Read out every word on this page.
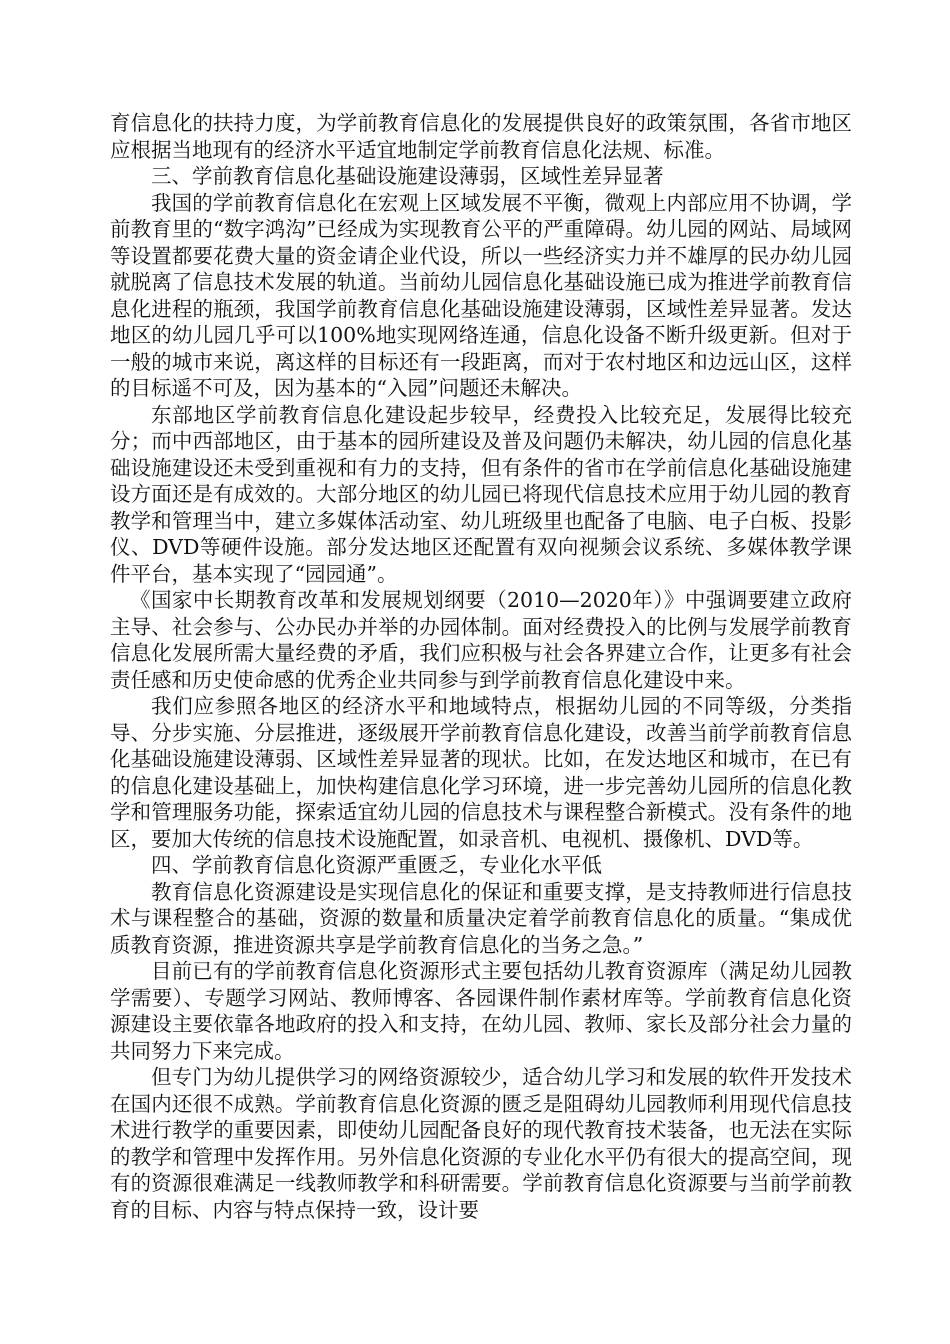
育信息化的扶持力度，为学前教育信息化的发展提供良好的政策氛围，各省市地区应根据当地现有的经济水平适宜地制定学前教育信息化法规、标准。

三、学前教育信息化基础设施建设薄弱，区域性差异显著

我国的学前教育信息化在宏观上区域发展不平衡，微观上内部应用不协调，学前教育里的“数字鸿沟”已经成为实现教育公平的严重障碍。幼儿园的网站、局域网等设置都要花费大量的资金请企业代设，所以一些经济实力并不雄厚的民办幼儿园就脱离了信息技术发展的轨道。当前幼儿园信息化基础设施已成为推进学前教育信息化进程的瓶颈，我国学前教育信息化基础设施建设薄弱，区域性差异显著。发达地区的幼儿园几乎可以100%地实现网络连通，信息化设备不断升级更新。但对于一般的城市来说，离这样的目标还有一段距离，而对于农村地区和边远山区，这样的目标遥不可及，因为基本的“入园”问题还未解决。

东部地区学前教育信息化建设起步较早，经费投入比较充足，发展得比较充分；而中西部地区，由于基本的园所建设及普及问题仍未解决，幼儿园的信息化基础设施建设还未受到重视和有力的支持，但有条件的省市在学前信息化基础设施建设方面还是有成效的。大部分地区的幼儿园已将现代信息技术应用于幼儿园的教育教学和管理当中，建立多媒体活动室、幼儿班级里也配备了电脑、电子白板、投影仪、DVD等硬件设施。部分发达地区还配置有双向视频会议系统、多媒体教学课件平台，基本实现了“园园通”。

《国家中长期教育改革和发展规划纲要（2010—2020年）》中强调要建立政府主导、社会参与、公办民办并举的办园体制。面对经费投入的比例与发展学前教育信息化发展所需大量经费的矛盾，我们应积极与社会各界建立合作，让更多有社会责任感和历史使命感的优秀企业共同参与到学前教育信息化建设中来。

我们应参照各地区的经济水平和地域特点，根据幼儿园的不同等级，分类指导、分步实施、分层推进，逐级展开学前教育信息化建设，改善当前学前教育信息化基础设施建设薄弱、区域性差异显著的现状。比如，在发达地区和城市，在已有的信息化建设基础上，加快构建信息化学习环境，进一步完善幼儿园所的信息化教学和管理服务功能，探索适宜幼儿园的信息技术与课程整合新模式。没有条件的地区，要加大传统的信息技术设施配置，如录音机、电视机、摄像机、DVD等。

四、学前教育信息化资源严重匮乏，专业化水平低

教育信息化资源建设是实现信息化的保证和重要支撑，是支持教师进行信息技术与课程整合的基础，资源的数量和质量决定着学前教育信息化的质量。“集成优质教育资源，推进资源共享是学前教育信息化的当务之急。”

目前已有的学前教育信息化资源形式主要包括幼儿教育资源库（满足幼儿园教学需要）、专题学习网站、教师博客、各园课件制作素材库等。学前教育信息化资源建设主要依靠各地政府的投入和支持，在幼儿园、教师、家长及部分社会力量的共同努力下来完成。

但专门为幼儿提供学习的网络资源较少，适合幼儿学习和发展的软件开发技术在国内还很不成熟。学前教育信息化资源的匮乏是阻碍幼儿园教师利用现代信息技术进行教学的重要因素，即使幼儿园配备良好的现代教育技术装备，也无法在实际的教学和管理中发挥作用。另外信息化资源的专业化水平仍有很大的提高空间，现有的资源很难满足一线教师教学和科研需要。学前教育信息化资源要与当前学前教育的目标、内容与特点保持一致，设计要
